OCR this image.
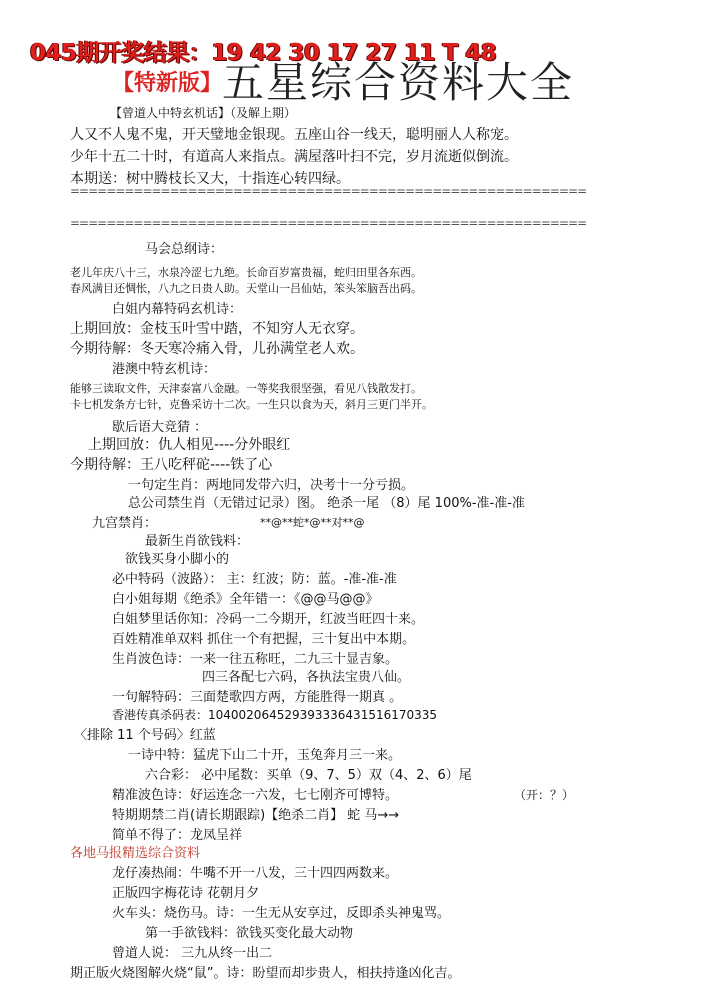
045期开奖结果：19 42 30 17 27 11 T 48
【特新版】 五星综合资料大全
【曾道人中特玄机话】（及解上期）
人又不人鬼不鬼，开天璧地金银现。五座山谷一线天，聪明丽人人称宠。
少年十五二十时，有道高人来指点。满屋落叶扫不完，岁月流逝似倒流。
本期送：树中腾枝长又大，十指连心转四绿。
=========================================================
=========================================================
马会总纲诗：
老儿年庆八十三，水泉冷涩七九绝。长命百岁富贵福，蛇归田里各东西。
春风满目还惆怅，八九之日贵人助。天堂山一吕仙姑，笨头笨脑吾出码。
白姐内幕特码玄机诗：
上期回放：金枝玉叶雪中踏，不知穷人无衣穿。
今期待解：冬天寒冷痛入骨，儿孙满堂老人欢。
港澳中特玄机诗：
能够三读取文件，天津泰富八金融。一等奖我很坚强，看见八钱散发打。
卡七机发条方七针，克鲁采访十二次。一生只以食为天，斜月三更门半开。
歇后语大竞猜 ：
上期回放：仇人相见----分外眼红
今期待解：王八吃秤砣----铁了心
一句定生肖：两地同发带六归，决考十一分亏损。
总公司禁生肖（无错过记录）图。 绝杀一尾 （8）尾 100%-准-准-准
九宫禁肖：	**@**蛇*@**对**@
最新生肖欲钱料：
欲钱买身小脚小的
必中特码（波路）： 主：红波；防：蓝。-准-准-准
白小姐每期《绝杀》全年错一：《@@马@@》
白姐梦里话你知：冷码一二今期开，红波当旺四十来。
百姓精准单双料 抓住一个有把握，三十复出中本期。
生肖波色诗：一来一往五称旺，二九三十显吉象。
四三各配七六码，各执法宝贵八仙。
一句解特码：三面楚歌四方两，方能胜得一期真 。
香港传真杀码表：1040020645293933364315161703​35
〈排除 11 个号码〉红蓝
一诗中特：猛虎下山二十开，玉兔奔月三一来。
六合彩： 必中尾数：买单（9、7、5）双（4、2、6）尾
精准波色诗：好运连念一六发，七七刚齐可博特。	（开：？）
特期期禁二肖(请长期跟踪)【绝杀二肖】 蛇 马→→
简单不得了：龙凤呈祥
各地马报精选综合资料
龙仔凑热闹：牛嘴不开一八发，三十四四两数来。
正版四字梅花诗 花朝月夕
火车头：烧伤马。诗：一生无从安享过，反即杀头神鬼骂。
第一手欲钱料：欲钱买变化最大动物
曾道人说： 三九从终一出二
期正版火烧图解火烧“鼠”。诗：盼望而却步贵人，相扶持逢凶化吉。
